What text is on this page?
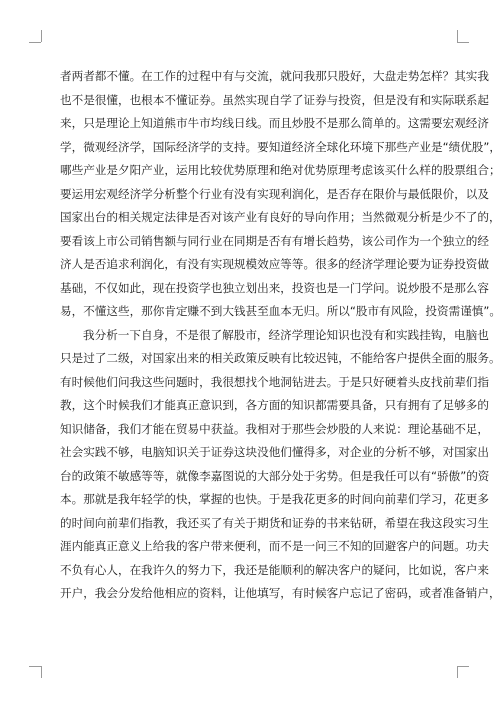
者两者都不懂。在工作的过程中有与交流，就问我那只股好，大盘走势怎样？其实我
也不是很懂，也根本不懂证券。虽然实现自学了证券与投资，但是没有和实际联系起
来，只是理论上知道熊市牛市均线日线。而且炒股不是那么简单的。这需要宏观经济
学，微观经济学，国际经济学的支持。要知道经济全球化环境下那些产业是“绩优股”，
哪些产业是夕阳产业，运用比较优势原理和绝对优势原理考虑该买什么样的股票组合；
要运用宏观经济学分析整个行业有没有实现利润化，是否存在限价与最低限价，以及
国家出台的相关规定法律是否对该产业有良好的导向作用；当然微观分析是少不了的，
要看该上市公司销售额与同行业在同期是否有有增长趋势，该公司作为一个独立的经
济人是否追求利润化，有没有实现规模效应等等。很多的经济学理论要为证券投资做
基础，不仅如此，现在投资学也独立划出来，投资也是一门学问。说炒股不是那么容
易，不懂这些，那你肯定赚不到大钱甚至血本无归。所以“股市有风险，投资需谨慎”。
我分析一下自身，不是很了解股市，经济学理论知识也没有和实践挂钩，电脑也
只是过了二级，对国家出来的相关政策反映有比较迟钝，不能给客户提供全面的服务。
有时候他们问我这些问题时，我很想找个地洞钻进去。于是只好硬着头皮找前辈们指
教，这个时候我们才能真正意识到，各方面的知识都需要具备，只有拥有了足够多的
知识储备，我们才能在贸易中获益。我相对于那些会炒股的人来说：理论基础不足，
社会实践不够，电脑知识关于证券这块没他们懂得多，对企业的分析不够，对国家出
台的政策不敏感等等，就像李嘉图说的大部分处于劣势。但是我任可以有“骄傲”的资
本。那就是我年轻学的快，掌握的也快。于是我花更多的时间向前辈们学习，花更多
的时间向前辈们指教，我还买了有关于期货和证券的书来钻研，希望在我这段实习生
涯内能真正意义上给我的客户带来便利，而不是一问三不知的回避客户的问题。功夫
不负有心人，在我许久的努力下，我还是能顺利的解决客户的疑问，比如说，客户来
开户，我会分发给他相应的资料，让他填写，有时候客户忘记了密码，或者准备销户，
